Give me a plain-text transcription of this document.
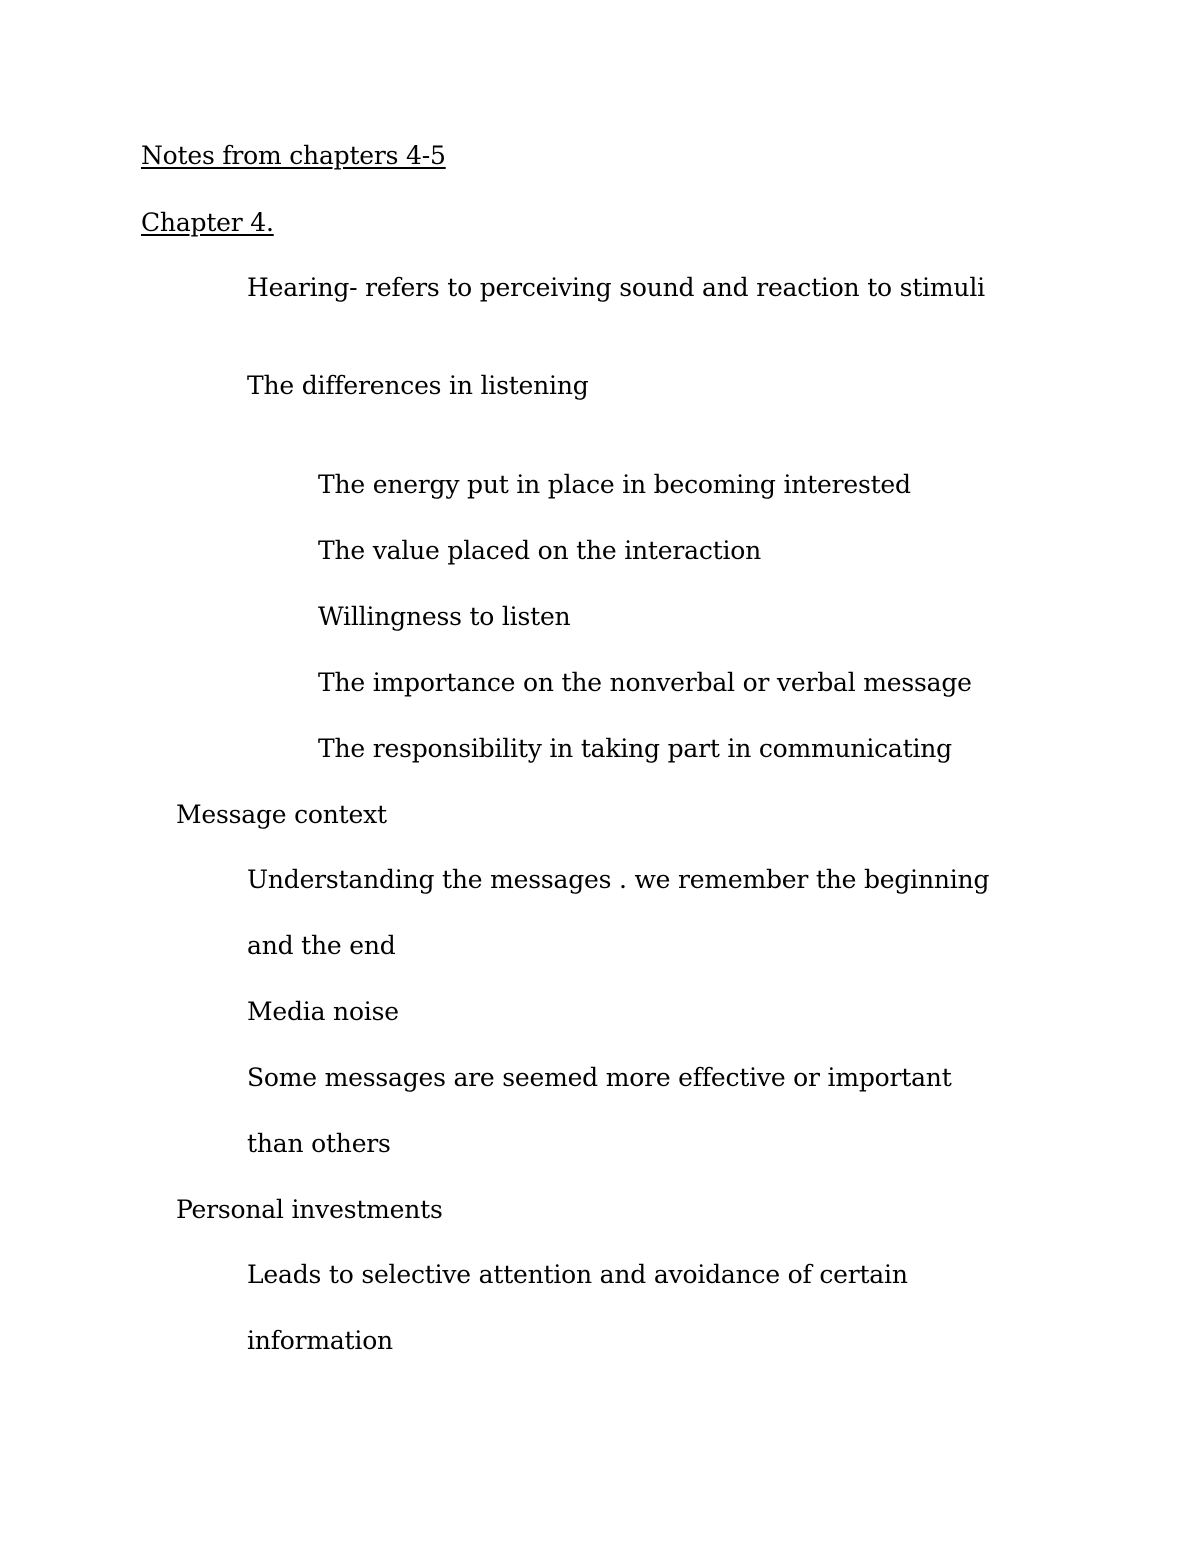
Notes from chapters 4-5
Chapter 4.
Hearing- refers to perceiving sound and reaction to stimuli
The differences in listening
The energy put in place in becoming interested
The value placed on the interaction
Willingness to listen
The importance on the nonverbal or verbal message
The responsibility in taking part in communicating
Message context
Understanding the messages . we remember the beginning
and the end
Media noise
Some messages are seemed more effective or important
than others
Personal investments
Leads to selective attention and avoidance of certain
information
